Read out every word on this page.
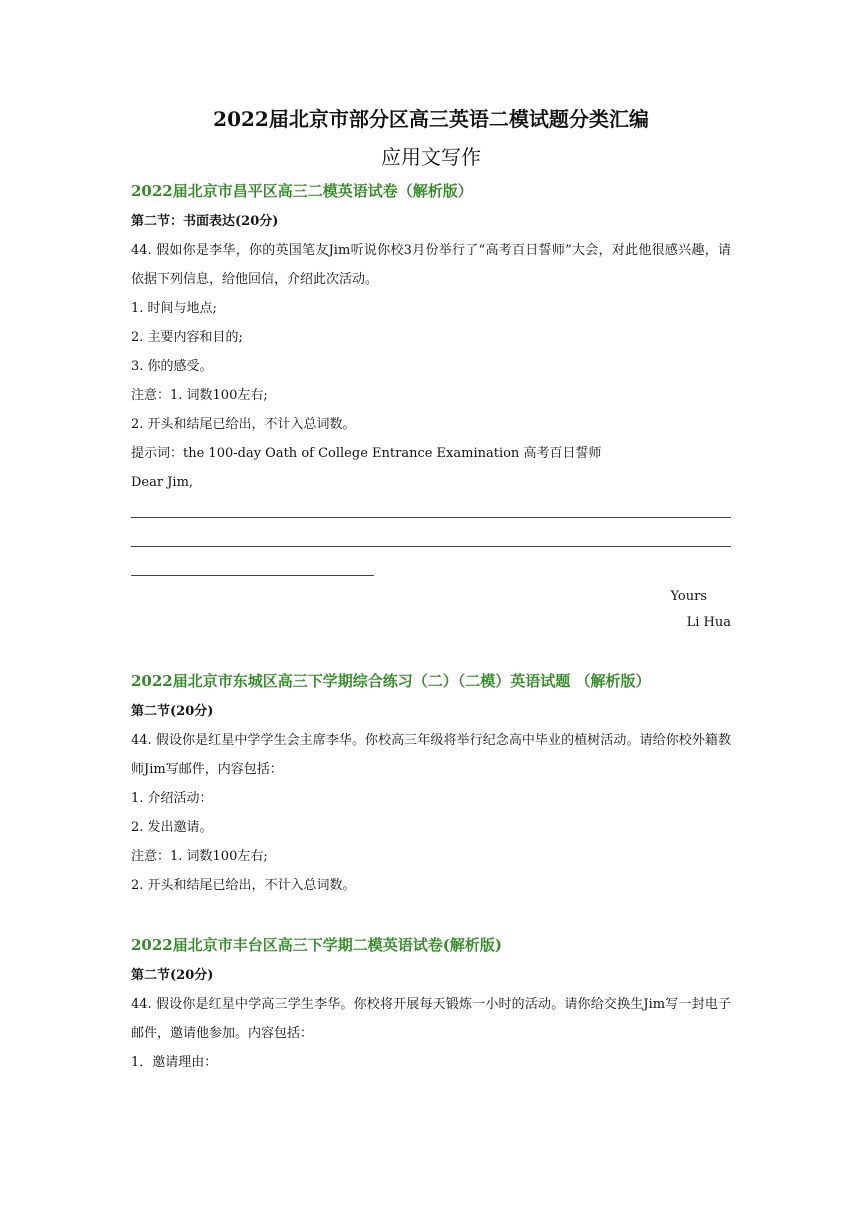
2022届北京市部分区高三英语二模试题分类汇编
应用文写作

2022届北京市昌平区高三二模英语试卷（解析版）

第二节：书面表达(20分)

44. 假如你是李华，你的英国笔友Jim听说你校3月份举行了“高考百日誓师”大会，对此他很感兴趣，请依据下列信息，给他回信，介绍此次活动。

1. 时间与地点;

2. 主要内容和目的;

3. 你的感受。

注意：1. 词数100左右;

2. 开头和结尾已给出，不计入总词数。

提示词：the 100-day Oath of College Entrance Examination 高考百日誓师

Dear Jim,

Yours

Li Hua

2022届北京市东城区高三下学期综合练习（二）（二模）英语试题 （解析版）

第二节(20分)

44. 假设你是红星中学学生会主席李华。你校高三年级将举行纪念高中毕业的植树活动。请给你校外籍教师Jim写邮件，内容包括：

1. 介绍活动：

2. 发出邀请。

注意：1. 词数100左右;

2. 开头和结尾已给出，不计入总词数。

2022届北京市丰台区高三下学期二模英语试卷(解析版)

第二节(20分)

44. 假设你是红星中学高三学生李华。你校将开展每天锻炼一小时的活动。请你给交换生Jim写一封电子邮件，邀请他参加。内容包括：

1．邀请理由：
